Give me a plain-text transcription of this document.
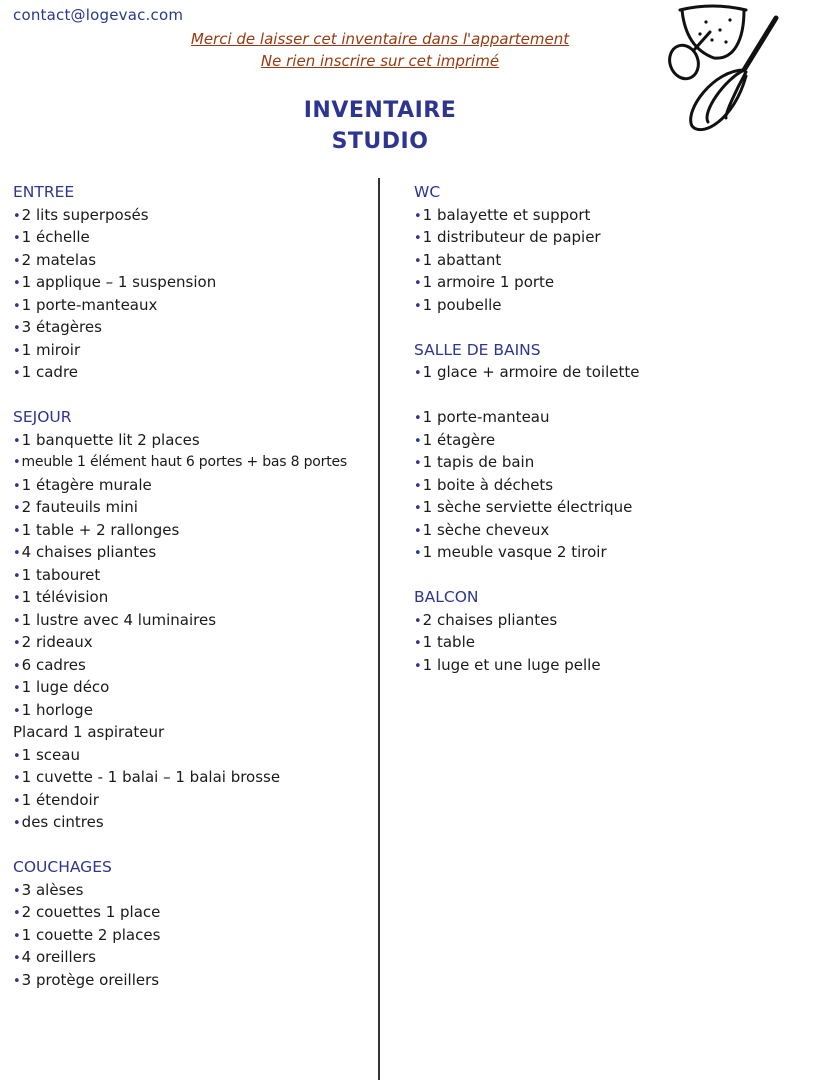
contact@logevac.com
Merci de laisser cet inventaire dans l'appartement
Ne rien inscrire sur cet imprimé
INVENTAIRE
STUDIO
ENTREE
•2 lits superposés
•1 échelle
•2 matelas
•1 applique – 1 suspension
•1 porte-manteaux
•3 étagères
•1 miroir
•1 cadre
SEJOUR
•1 banquette lit 2 places
•meuble 1 élément haut 6 portes + bas 8 portes
•1 étagère murale
•2 fauteuils mini
•1 table + 2 rallonges
•4 chaises pliantes
•1 tabouret
•1 télévision
•1 lustre avec 4 luminaires
•2 rideaux
•6 cadres
•1 luge déco
•1 horloge
Placard 1 aspirateur
•1 sceau
•1 cuvette - 1 balai – 1 balai brosse
•1 étendoir
•des cintres
COUCHAGES
•3 alèses
•2 couettes 1 place
•1 couette 2 places
•4 oreillers
•3 protège oreillers
WC
•1 balayette et support
•1 distributeur de papier
•1 abattant
•1 armoire 1 porte
•1 poubelle
SALLE DE BAINS
•1 glace + armoire de toilette
•1 porte-manteau
•1 étagère
•1 tapis de bain
•1 boite à déchets
•1 sèche serviette électrique
•1 sèche cheveux
•1 meuble vasque 2 tiroir
BALCON
•2 chaises pliantes
•1 table
•1 luge et une luge pelle
